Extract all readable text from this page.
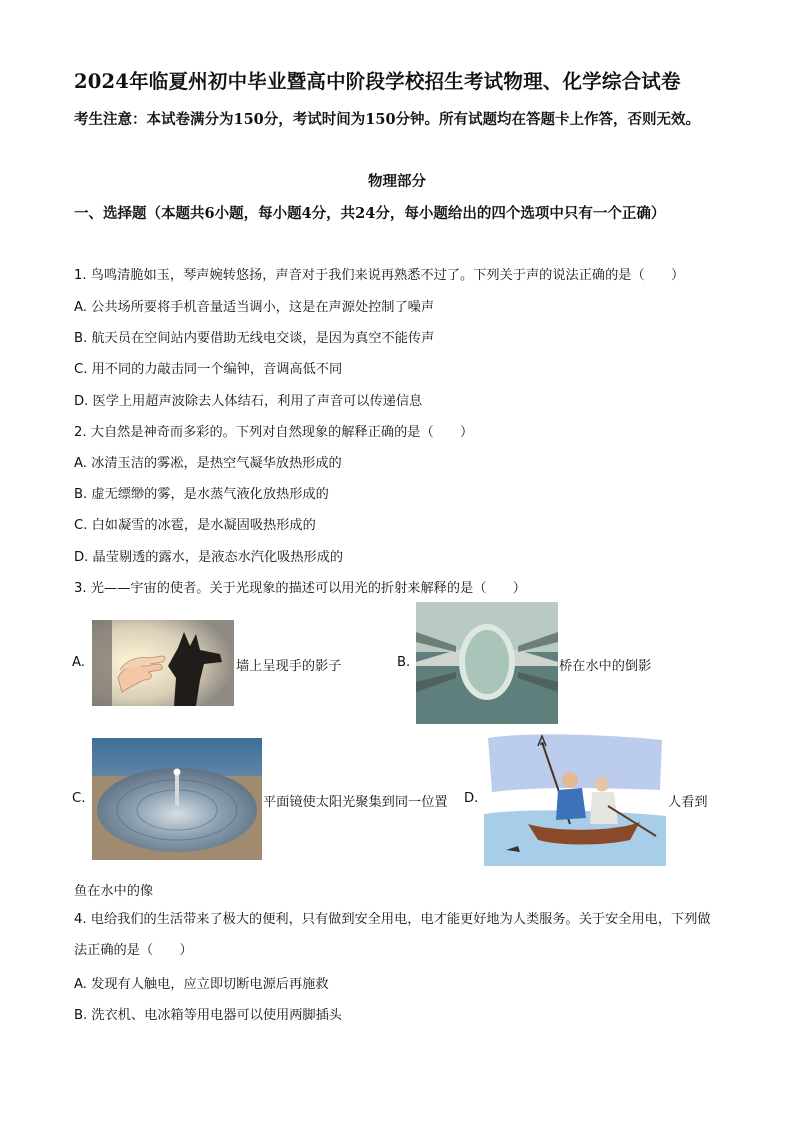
2024年临夏州初中毕业暨高中阶段学校招生考试物理、化学综合试卷
考生注意：本试卷满分为150分，考试时间为150分钟。所有试题均在答题卡上作答，否则无效。
物理部分
一、选择题（本题共6小题，每小题4分，共24分，每小题给出的四个选项中只有一个正确）
1. 鸟鸣清脆如玉，琴声婉转悠扬，声音对于我们来说再熟悉不过了。下列关于声的说法正确的是（　　）
A. 公共场所要将手机音量适当调小，这是在声源处控制了噪声
B. 航天员在空间站内要借助无线电交谈，是因为真空不能传声
C. 用不同的力敲击同一个编钟，音调高低不同
D. 医学上用超声波除去人体结石，利用了声音可以传递信息
2. 大自然是神奇而多彩的。下列对自然现象的解释正确的是（　　）
A. 冰清玉洁的雾凇，是热空气凝华放热形成的
B. 虚无缥缈的雾，是水蒸气液化放热形成的
C. 白如凝雪的冰雹，是水凝固吸热形成的
D. 晶莹剔透的露水，是液态水汽化吸热形成的
3. 光——宇宙的使者。关于光现象的描述可以用光的折射来解释的是（　　）
A.	墙上呈现手的影子	B.	桥在水中的倒影
C.	平面镜使太阳光聚集到同一位置 D.	人看到
鱼在水中的像
4. 电给我们的生活带来了极大的便利，只有做到安全用电，电才能更好地为人类服务。关于安全用电，下列做法正确的是（　　）
A. 发现有人触电，应立即切断电源后再施救
B. 洗衣机、电冰箱等用电器可以使用两脚插头
